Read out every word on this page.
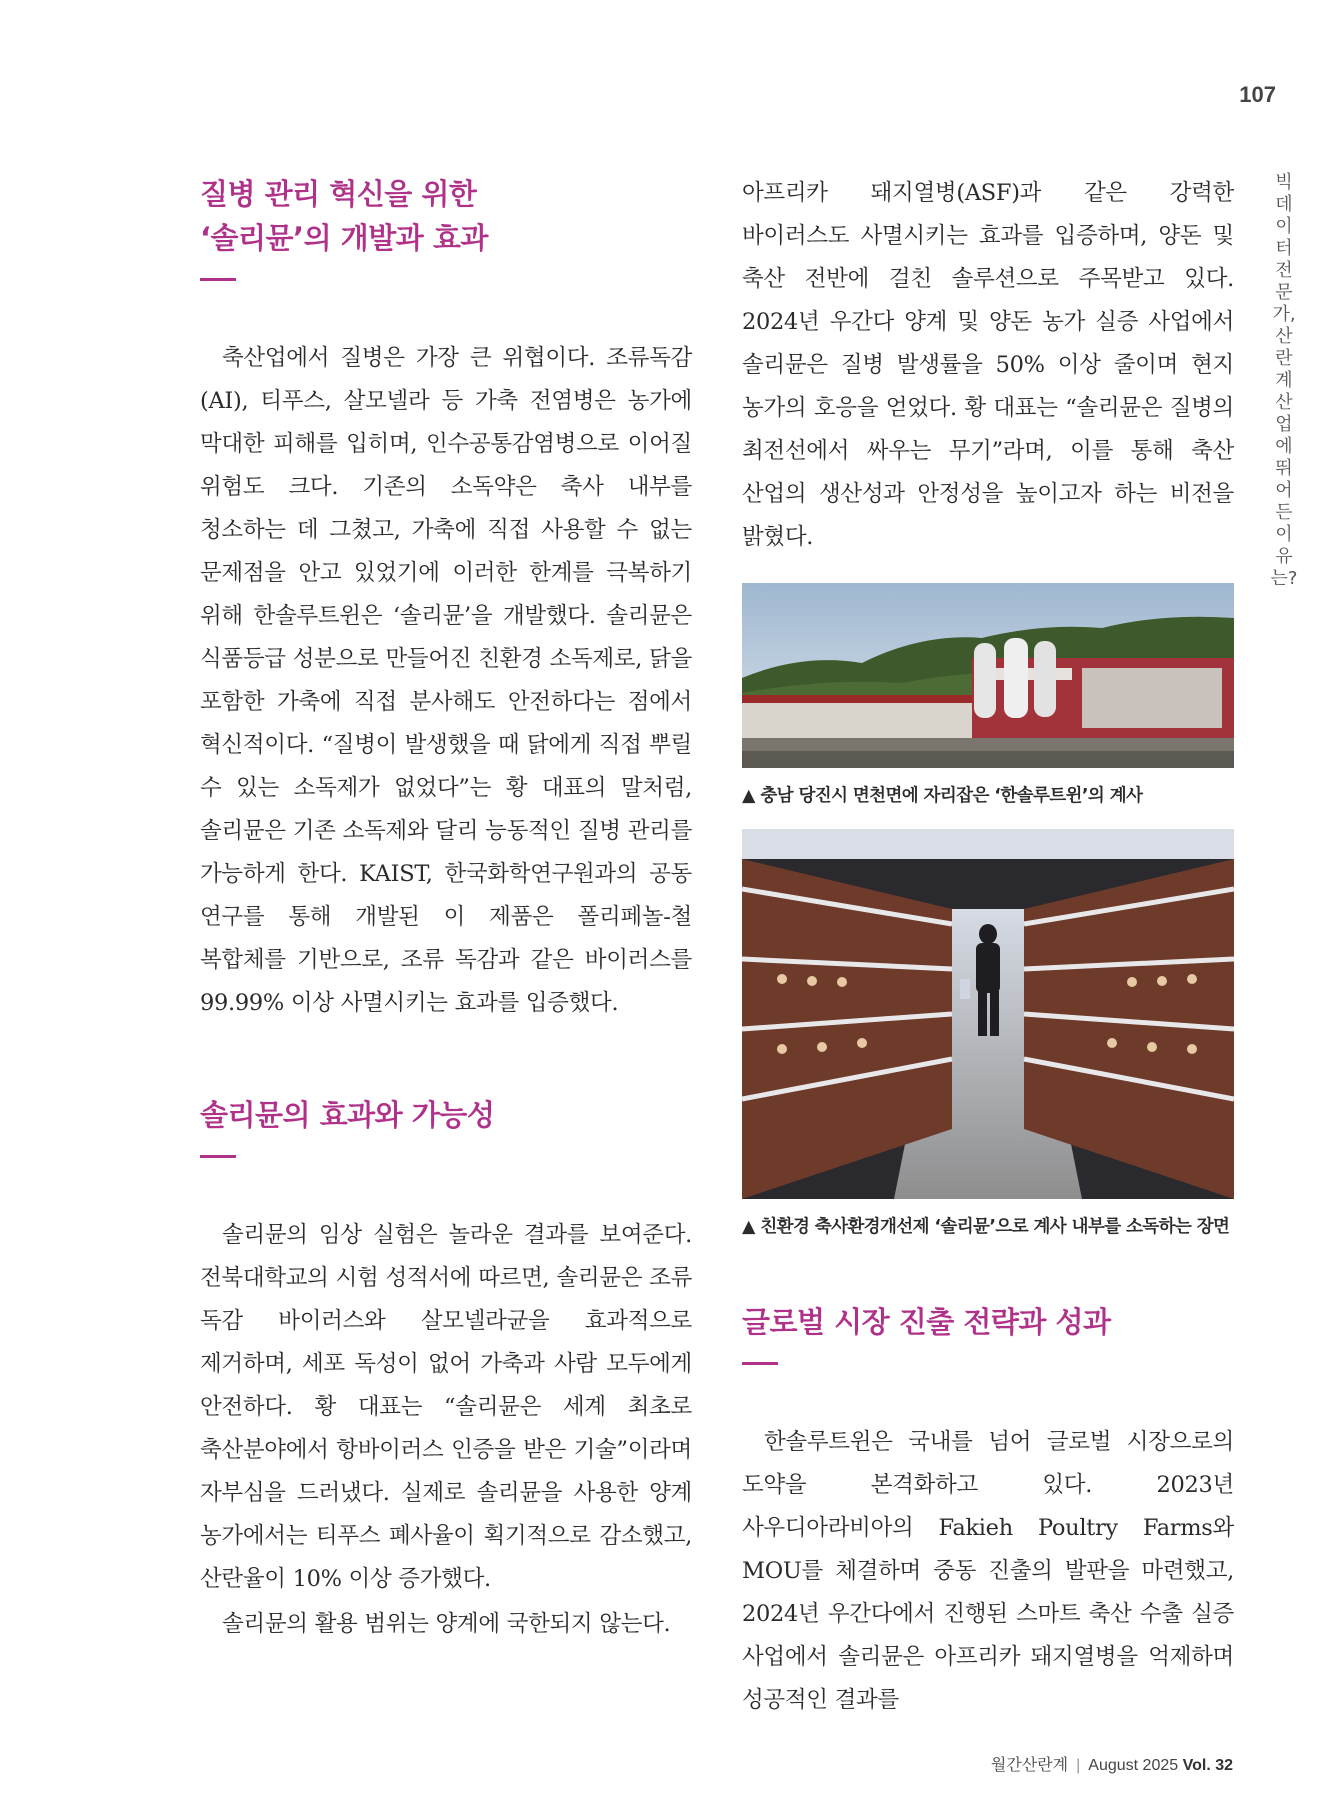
107
빅데이터 전문가, 산란계 산업에 뛰어든 이유는?
질병 관리 혁신을 위한
‘솔리뮨’의 개발과 효과

축산업에서 질병은 가장 큰 위협이다. 조류독감(AI), 티푸스, 살모넬라 등 가축 전염병은 농가에 막대한 피해를 입히며, 인수공통감염병으로 이어질 위험도 크다. 기존의 소독약은 축사 내부를 청소하는 데 그쳤고, 가축에 직접 사용할 수 없는 문제점을 안고 있었기에 이러한 한계를 극복하기 위해 한솔루트윈은 ‘솔리뮨’을 개발했다. 솔리뮨은 식품등급 성분으로 만들어진 친환경 소독제로, 닭을 포함한 가축에 직접 분사해도 안전하다는 점에서 혁신적이다. “질병이 발생했을 때 닭에게 직접 뿌릴 수 있는 소독제가 없었다”는 황 대표의 말처럼, 솔리뮨은 기존 소독제와 달리 능동적인 질병 관리를 가능하게 한다. KAIST, 한국화학연구원과의 공동 연구를 통해 개발된 이 제품은 폴리페놀-철 복합체를 기반으로, 조류 독감과 같은 바이러스를 99.99% 이상 사멸시키는 효과를 입증했다.

솔리뮨의 효과와 가능성

솔리뮨의 임상 실험은 놀라운 결과를 보여준다. 전북대학교의 시험 성적서에 따르면, 솔리뮨은 조류 독감 바이러스와 살모넬라균을 효과적으로 제거하며, 세포 독성이 없어 가축과 사람 모두에게 안전하다. 황 대표는 “솔리뮨은 세계 최초로 축산분야에서 항바이러스 인증을 받은 기술”이라며 자부심을 드러냈다. 실제로 솔리뮨을 사용한 양계 농가에서는 티푸스 폐사율이 획기적으로 감소했고, 산란율이 10% 이상 증가했다.

솔리뮨의 활용 범위는 양계에 국한되지 않는다.

아프리카 돼지열병(ASF)과 같은 강력한 바이러스도 사멸시키는 효과를 입증하며, 양돈 및 축산 전반에 걸친 솔루션으로 주목받고 있다. 2024년 우간다 양계 및 양돈 농가 실증 사업에서 솔리뮨은 질병 발생률을 50% 이상 줄이며 현지 농가의 호응을 얻었다. 황 대표는 “솔리뮨은 질병의 최전선에서 싸우는 무기”라며, 이를 통해 축산 산업의 생산성과 안정성을 높이고자 하는 비전을 밝혔다.

▲ 충남 당진시 면천면에 자리잡은 ‘한솔루트윈’의 계사

▲ 친환경 축사환경개선제 ‘솔리뮨’으로 계사 내부를 소독하는 장면

글로벌 시장 진출 전략과 성과

한솔루트윈은 국내를 넘어 글로벌 시장으로의 도약을 본격화하고 있다. 2023년 사우디아라비아의 Fakieh Poultry Farms와 MOU를 체결하며 중동 진출의 발판을 마련했고, 2024년 우간다에서 진행된 스마트 축산 수출 실증 사업에서 솔리뮨은 아프리카 돼지열병을 억제하며 성공적인 결과를

월간산란계 | August 2025 Vol. 32
